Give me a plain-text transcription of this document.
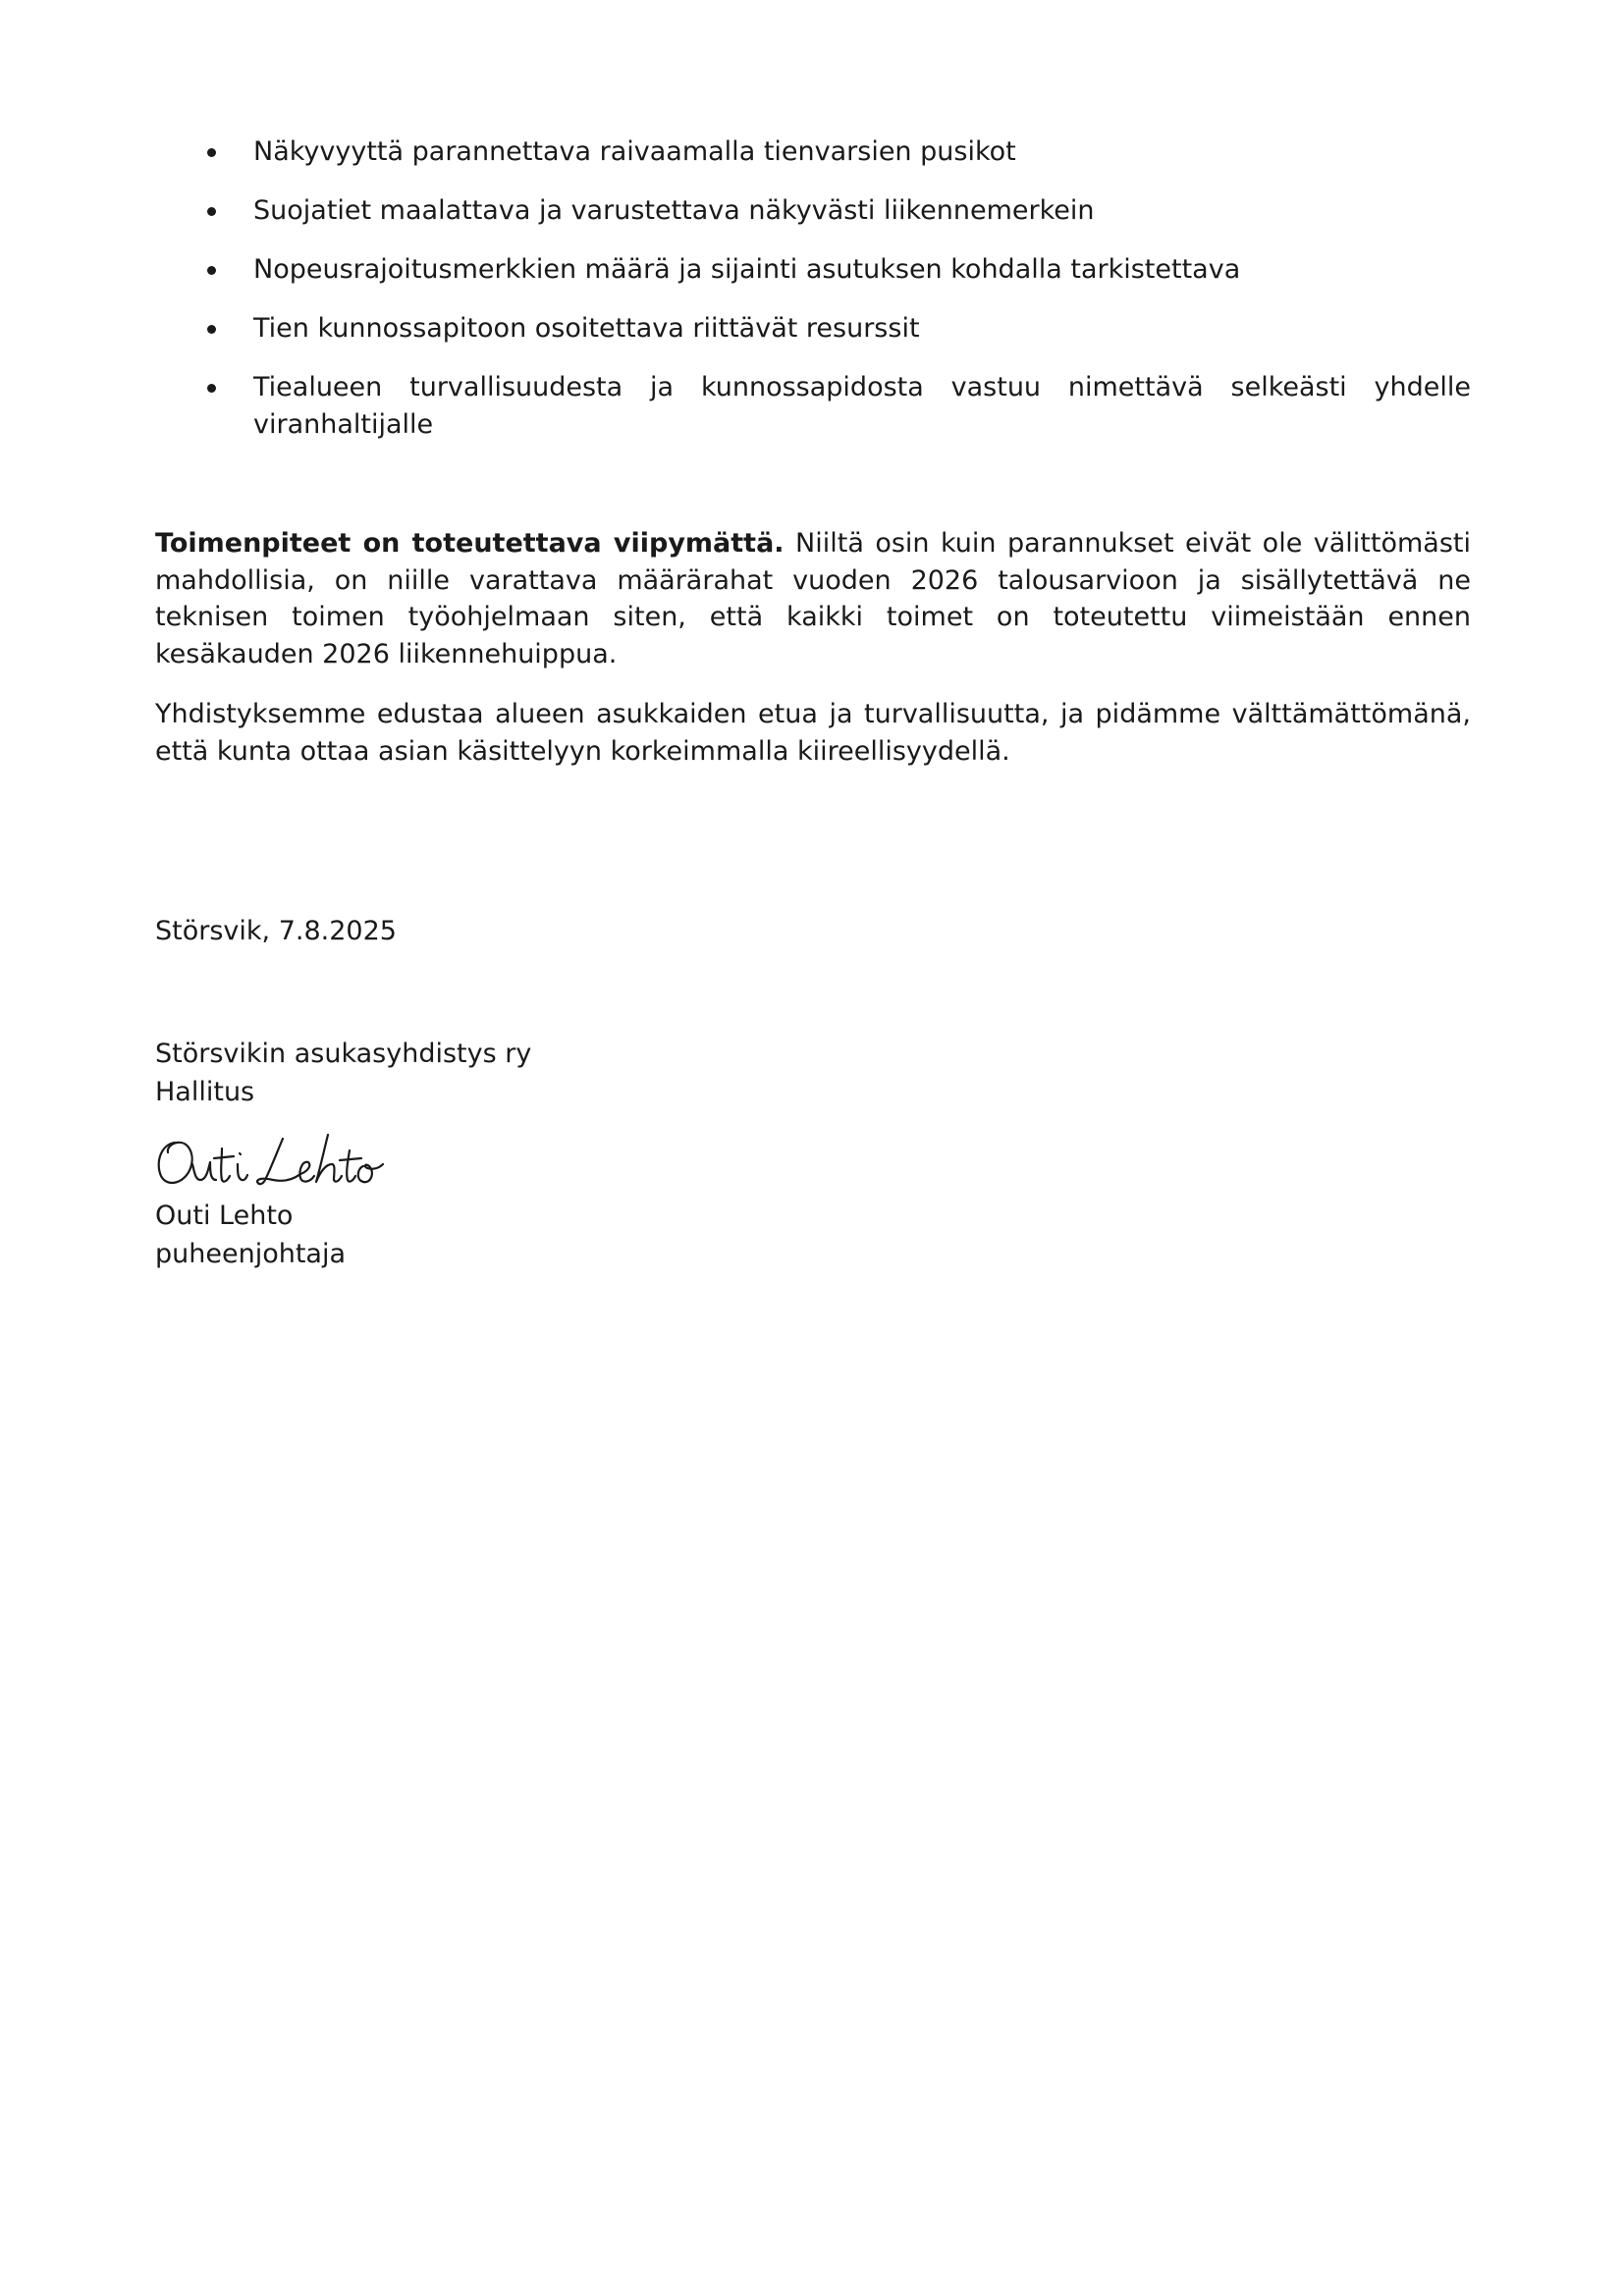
Näkyvyyttä parannettava raivaamalla tienvarsien pusikot
Suojatiet maalattava ja varustettava näkyvästi liikennemerkein
Nopeusrajoitusmerkkien määrä ja sijainti asutuksen kohdalla tarkistettava
Tien kunnossapitoon osoitettava riittävät resurssit
Tiealueen turvallisuudesta ja kunnossapidosta vastuu nimettävä selkeästi yhdelle viranhaltijalle

Toimenpiteet on toteutettava viipymättä. Niiltä osin kuin parannukset eivät ole välittömästi mahdollisia, on niille varattava määrärahat vuoden 2026 talousarvioon ja sisällytettävä ne teknisen toimen työohjelmaan siten, että kaikki toimet on toteutettu viimeistään ennen kesäkauden 2026 liikennehuippua.

Yhdistyksemme edustaa alueen asukkaiden etua ja turvallisuutta, ja pidämme välttämättömänä, että kunta ottaa asian käsittelyyn korkeimmalla kiireellisyydellä.

Störsvik, 7.8.2025

Störsvikin asukasyhdistys ry

Hallitus

Outi Lehto

puheenjohtaja
